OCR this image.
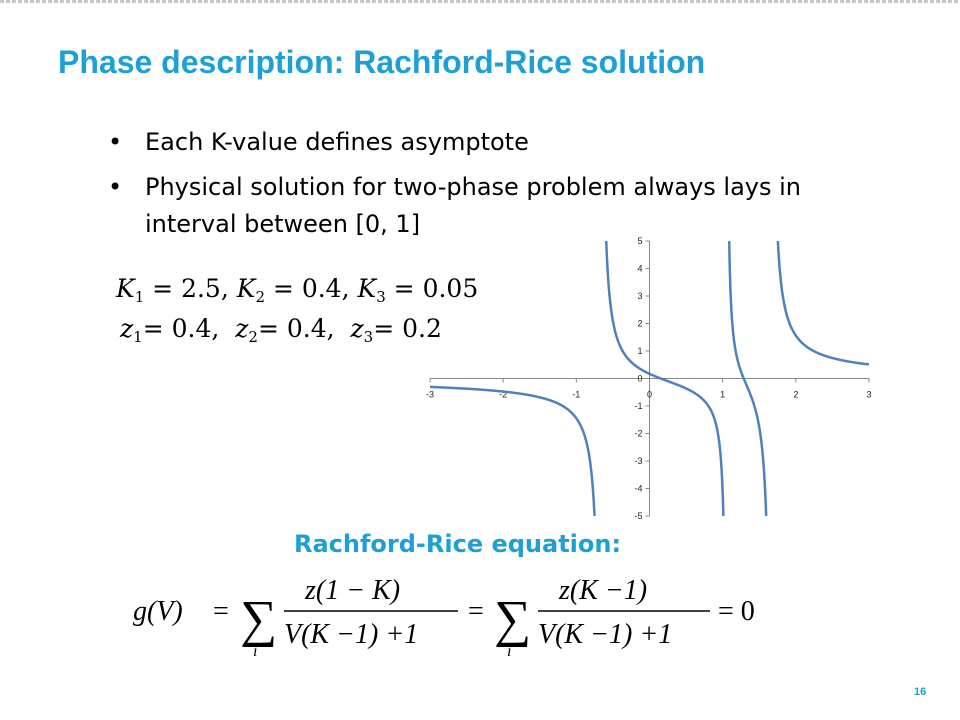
Phase description: Rachford-Rice solution
• Each K-value defines asymptote
• Physical solution for two-phase problem always lays in interval between [0, 1]
$K_1 = 2.5$, $K_2 = 0.4$, $K_3 = 0.05$
$z_1= 0.4$,  $z_2= 0.4$,  $z_3= 0.2$
5
4
3
2
1
0
-1
-2
-3
-4
-5
-3	-2	-1	0	1	2	3
Rachford-Rice equation:
g(V) = ∑
i
z(1 − K)
V(K −1) +1
= ∑
i
z(K −1)
V(K −1) +1
= 0
16
